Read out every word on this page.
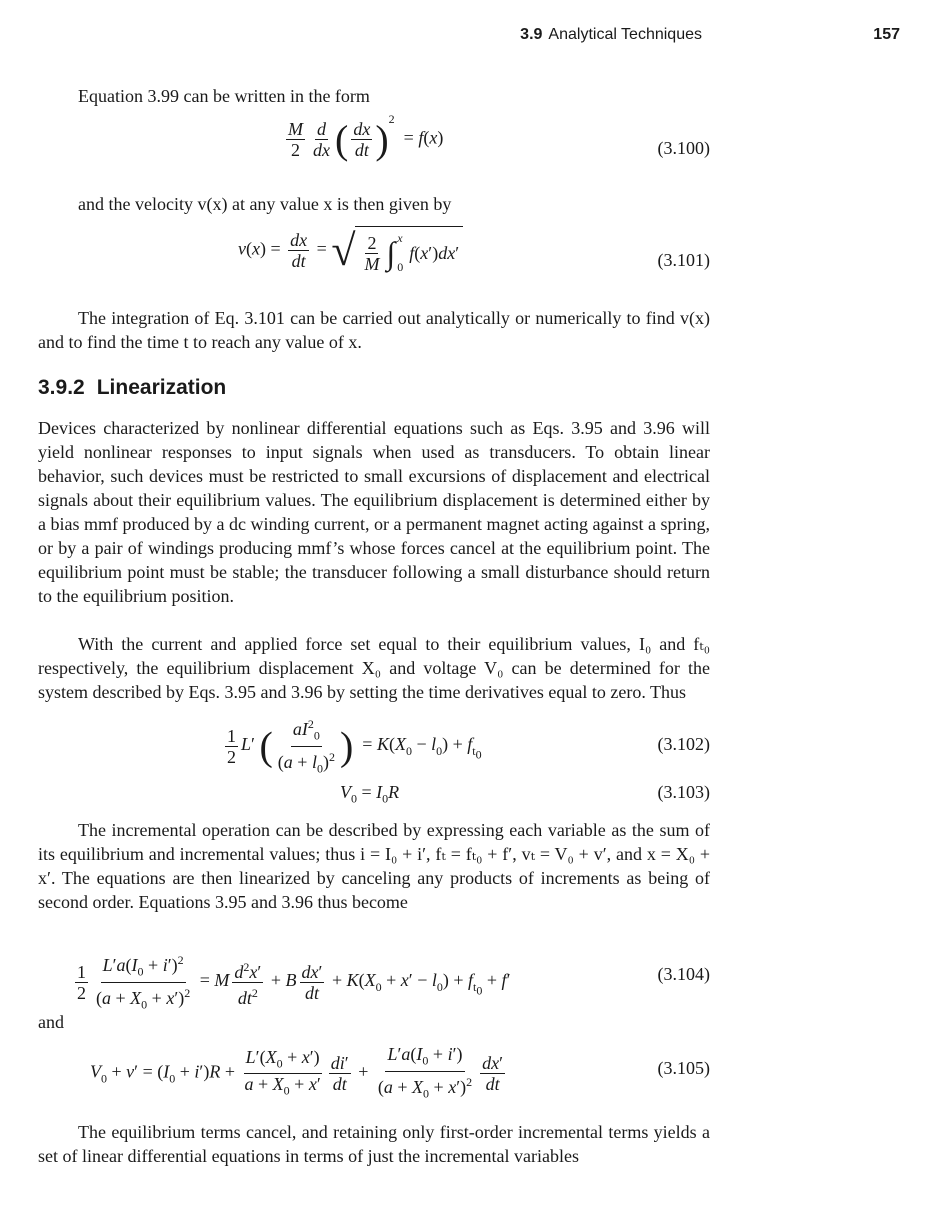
3.9 Analytical Techniques	157

Equation 3.99 can be written in the form

$\frac{M}{2} \frac{d}{dx}$ ( $\frac{dx}{dt} )^2 = f(x)$
(3.100)

and the velocity v(x) at any value x is then given by

$v(x) = \frac{dx}{dt}$ = √ $\frac{2}{M}$ ∫ x
0
f ( x ′) dx ′	(3.101)

The integration of Eq. 3.101 can be carried out analytically or numerically to find v(x) and to find the time t to reach any value of x.

3.9.2 Linearization

Devices characterized by nonlinear differential equations such as Eqs. 3.95 and 3.96 will yield nonlinear responses to input signals when used as transducers. To obtain linear behavior, such devices must be restricted to small excursions of displacement and electrical signals about their equilibrium values. The equilibrium displacement is determined either by a bias mmf produced by a dc winding current, or a permanent magnet acting against a spring, or by a pair of windings producing mmf’s whose forces cancel at the equilibrium point. The equilibrium point must be stable; the transducer following a small disturbance should return to the equilibrium position.

With the current and applied force set equal to their equilibrium values, I₀ and fₜ₀ respectively, the equilibrium displacement X₀ and voltage V₀ can be determined for the system described by Eqs. 3.95 and 3.96 by setting the time derivatives equal to zero. Thus

$\frac{1}{2} L'$ ( $\frac{aI^2_0}{(a + l_0)^2}$ )  = $K(X_0 - l_0) + f_{t_0}$
(3.102)
$V_0 = I_0R$	(3.103)

The incremental operation can be described by expressing each variable as the sum of its equilibrium and incremental values; thus i = I₀ + i′, fₜ = fₜ₀ + f′, vₜ = V₀ + v′, and x = X₀ + x′. The equations are then linearized by canceling any products of increments as being of second order. Equations 3.95 and 3.96 thus become

$\frac{1}{2} \frac{L'a(I_0 + i')^2}{(a + X_0 + x')^2} = M \frac{d^2x'}{dt^2} + B \frac{dx'}{dt} + K(X_0 + x' - l_0) + f_{t_0} + f'$	(3.104)

and

$V_0 + v' = (I_0 + i')R + \frac{L'(X_0 + x')}{a + X_0 + x'} \frac{di'}{dt} + \frac{L'a(I_0 + i')}{(a + X_0 + x')^2} \frac{dx'}{dt}$	(3.105)

The equilibrium terms cancel, and retaining only first-order incremental terms yields a set of linear differential equations in terms of just the incremental variables
